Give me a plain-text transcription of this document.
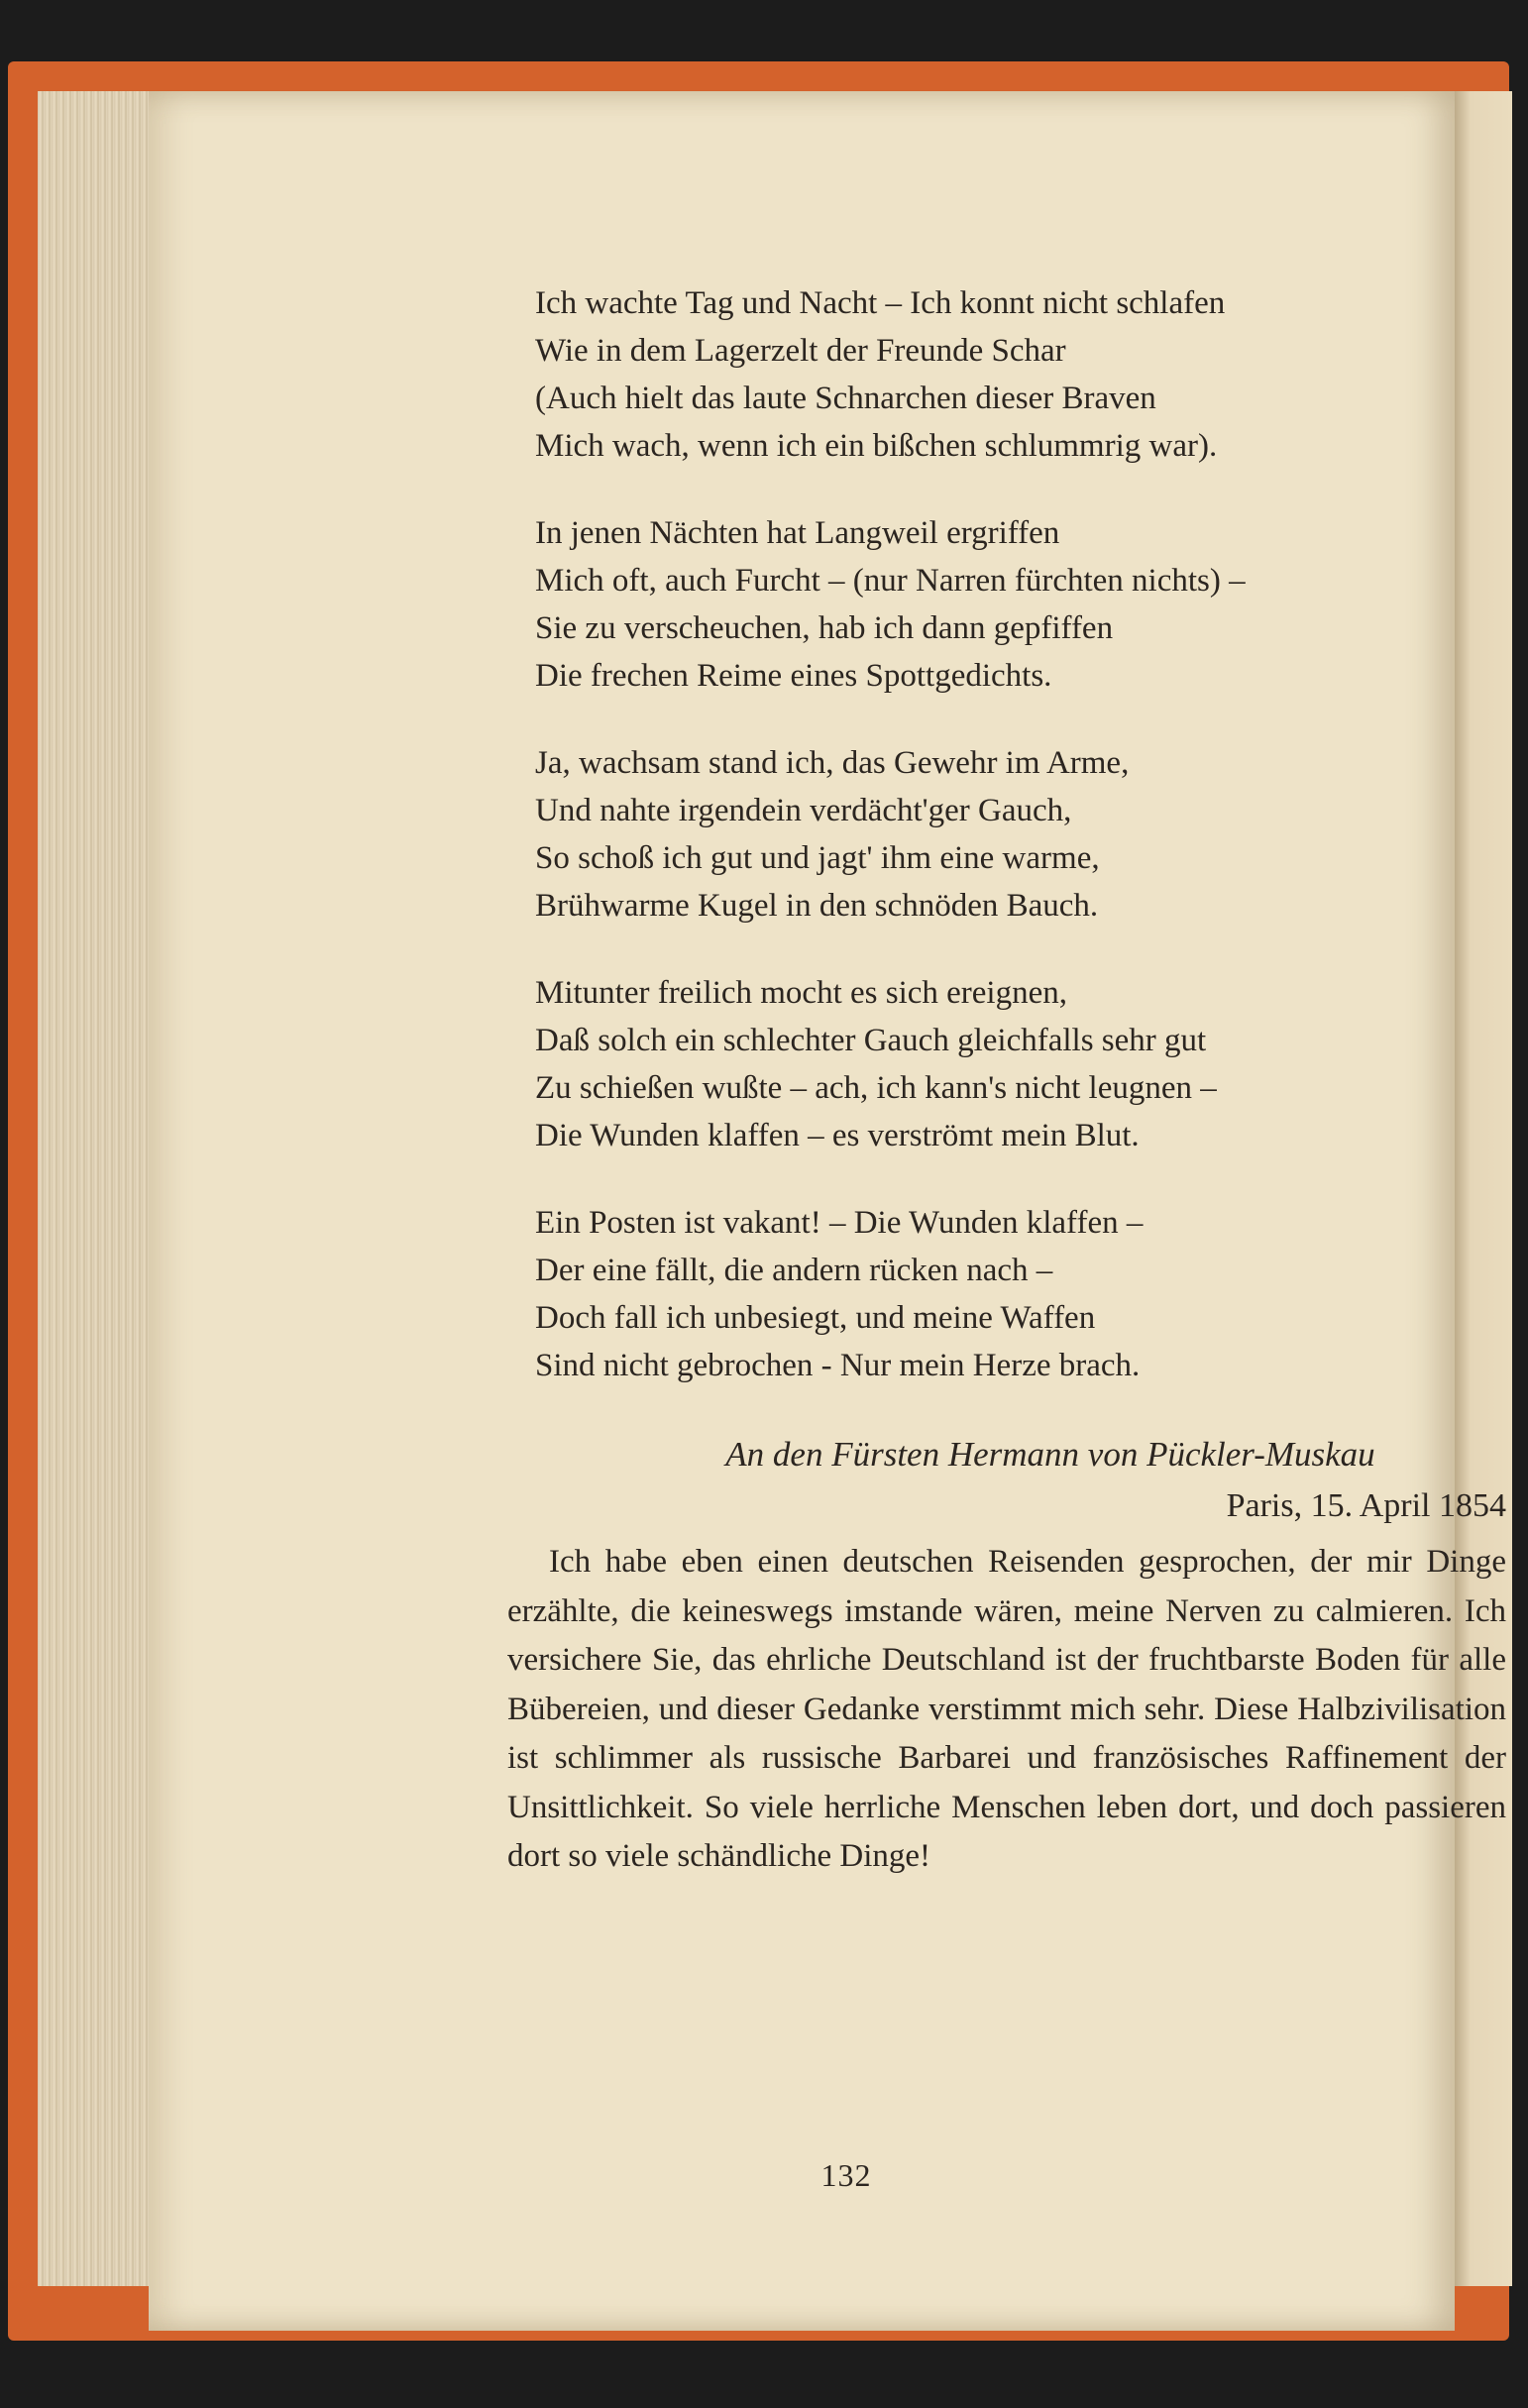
Ich wachte Tag und Nacht – Ich konnt nicht schlafen
Wie in dem Lagerzelt der Freunde Schar
(Auch hielt das laute Schnarchen dieser Braven
Mich wach, wenn ich ein bißchen schlummrig war).
In jenen Nächten hat Langweil ergriffen
Mich oft, auch Furcht – (nur Narren fürchten nichts) –
Sie zu verscheuchen, hab ich dann gepfiffen
Die frechen Reime eines Spottgedichts.
Ja, wachsam stand ich, das Gewehr im Arme,
Und nahte irgendein verdächt'ger Gauch,
So schoß ich gut und jagt' ihm eine warme,
Brühwarme Kugel in den schnöden Bauch.
Mitunter freilich mocht es sich ereignen,
Daß solch ein schlechter Gauch gleichfalls sehr gut
Zu schießen wußte – ach, ich kann's nicht leugnen –
Die Wunden klaffen – es verströmt mein Blut.
Ein Posten ist vakant! – Die Wunden klaffen –
Der eine fällt, die andern rücken nach –
Doch fall ich unbesiegt, und meine Waffen
Sind nicht gebrochen - Nur mein Herze brach.
An den Fürsten Hermann von Pückler-Muskau
Paris, 15. April 1854
Ich habe eben einen deutschen Reisenden gesprochen, der mir Dinge erzählte, die keineswegs imstande wären, meine Nerven zu calmieren. Ich versichere Sie, das ehrliche Deutschland ist der fruchtbarste Boden für alle Bübereien, und dieser Gedanke verstimmt mich sehr. Diese Halbzivilisation ist schlimmer als russische Barbarei und französisches Raffinement der Unsittlichkeit. So viele herrliche Menschen leben dort, und doch passieren dort so viele schändliche Dinge!
132
